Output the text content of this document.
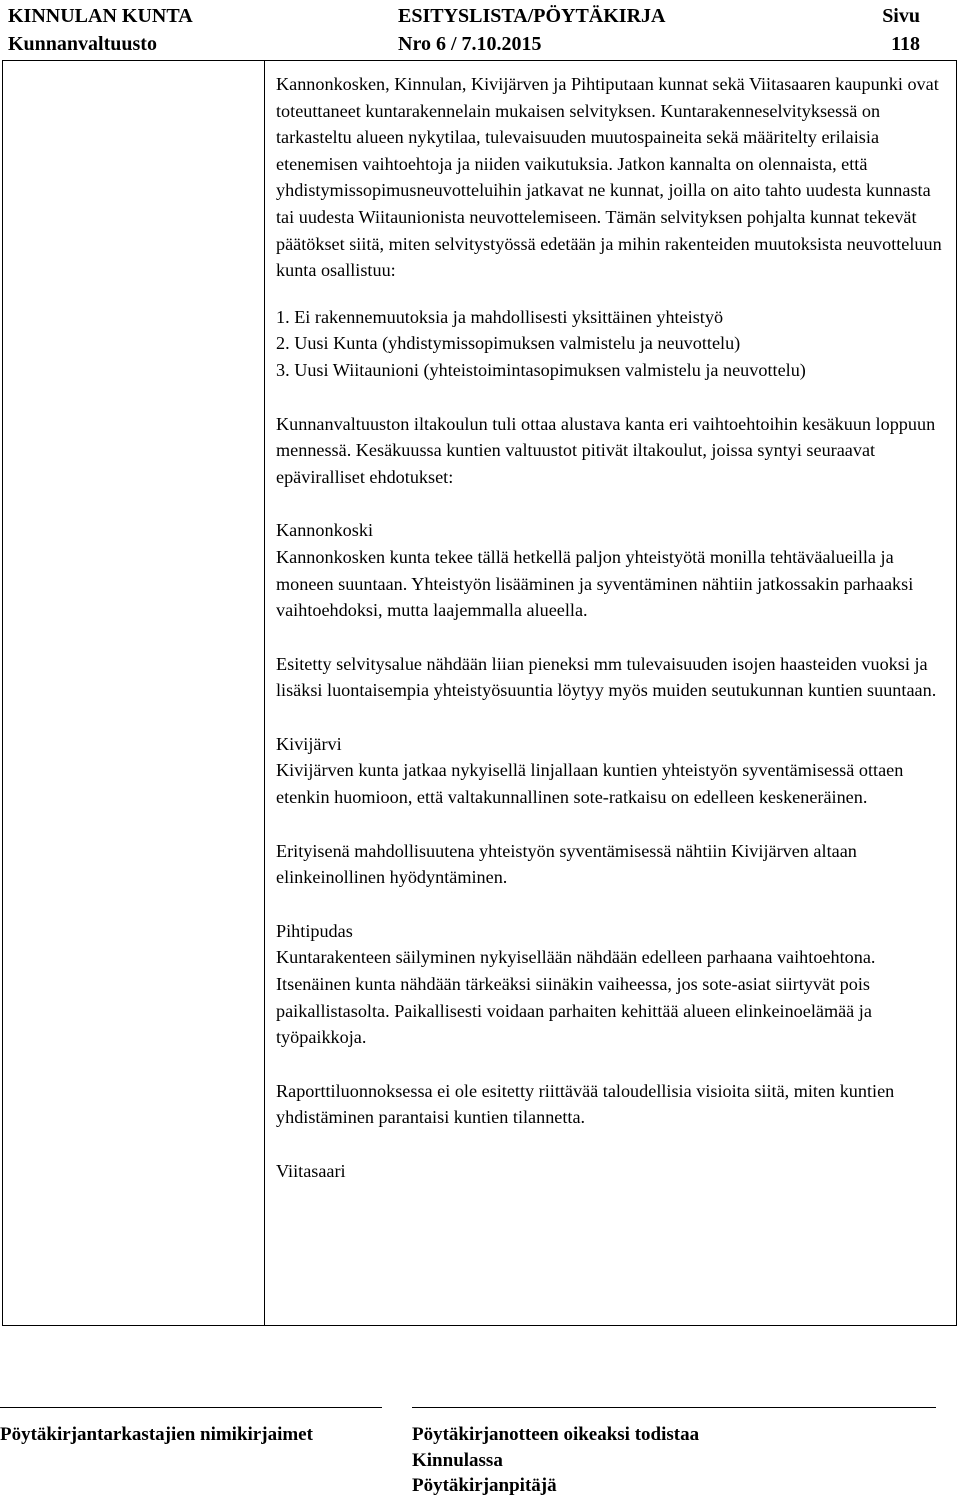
KINNULAN KUNTA
Kunnanvaltuusto
ESITYSLISTA/PÖYTÄKIRJA
Nro 6 / 7.10.2015
Sivu
118

Kannonkosken, Kinnulan, Kivijärven ja Pihtiputaan kunnat sekä Viitasaaren kaupunki ovat toteuttaneet kuntarakennelain mukaisen selvityksen. Kuntarakenneselvityksessä on tarkasteltu alueen nykytilaa, tulevaisuuden muutospaineita sekä määritelty erilaisia etenemisen vaihtoehtoja ja niiden vaikutuksia. Jatkon kannalta on olennaista, että yhdistymissopimusneuvotteluihin jatkavat ne kunnat, joilla on aito tahto uudesta kunnasta tai uudesta Wiitaunionista neuvottelemiseen. Tämän selvityksen pohjalta kunnat tekevät päätökset siitä, miten selvitystyössä edetään ja mihin rakenteiden muutoksista neuvotteluun kunta osallistuu:

1. Ei rakennemuutoksia ja mahdollisesti yksittäinen yhteistyö

2. Uusi Kunta (yhdistymissopimuksen valmistelu ja neuvottelu)

3. Uusi Wiitaunioni (yhteistoimintasopimuksen valmistelu ja neuvottelu)

Kunnanvaltuuston iltakoulun tuli ottaa alustava kanta eri vaihtoehtoihin kesäkuun loppuun mennessä. Kesäkuussa kuntien valtuustot pitivät iltakoulut, joissa syntyi seuraavat epäviralliset ehdotukset:

Kannonkoski

Kannonkosken kunta tekee tällä hetkellä paljon yhteistyötä monilla tehtäväalueilla ja moneen suuntaan. Yhteistyön lisääminen ja syventäminen nähtiin jatkossakin parhaaksi vaihtoehdoksi, mutta laajemmalla alueella.

Esitetty selvitysalue nähdään liian pieneksi mm tulevaisuuden isojen haasteiden vuoksi ja lisäksi luontaisempia yhteistyösuuntia löytyy myös muiden seutukunnan kuntien suuntaan.

Kivijärvi

Kivijärven kunta jatkaa nykyisellä linjallaan kuntien yhteistyön syventämisessä ottaen etenkin huomioon, että valtakunnallinen sote-ratkaisu on edelleen keskeneräinen.

Erityisenä mahdollisuutena yhteistyön syventämisessä nähtiin Kivijärven altaan elinkeinollinen hyödyntäminen.

Pihtipudas

Kuntarakenteen säilyminen nykyisellään nähdään edelleen parhaana vaihtoehtona. Itsenäinen kunta nähdään tärkeäksi siinäkin vaiheessa, jos sote-asiat siirtyvät pois paikallistasolta. Paikallisesti voidaan parhaiten kehittää alueen elinkeinoelämää ja työpaikkoja.

Raporttiluonnoksessa ei ole esitetty riittävää taloudellisia visioita siitä, miten kuntien yhdistäminen parantaisi kuntien tilannetta.

Viitasaari

Pöytäkirjantarkastajien nimikirjaimet	Pöytäkirjanotteen oikeaksi todistaa
Kinnulassa
Pöytäkirjanpitäjä
